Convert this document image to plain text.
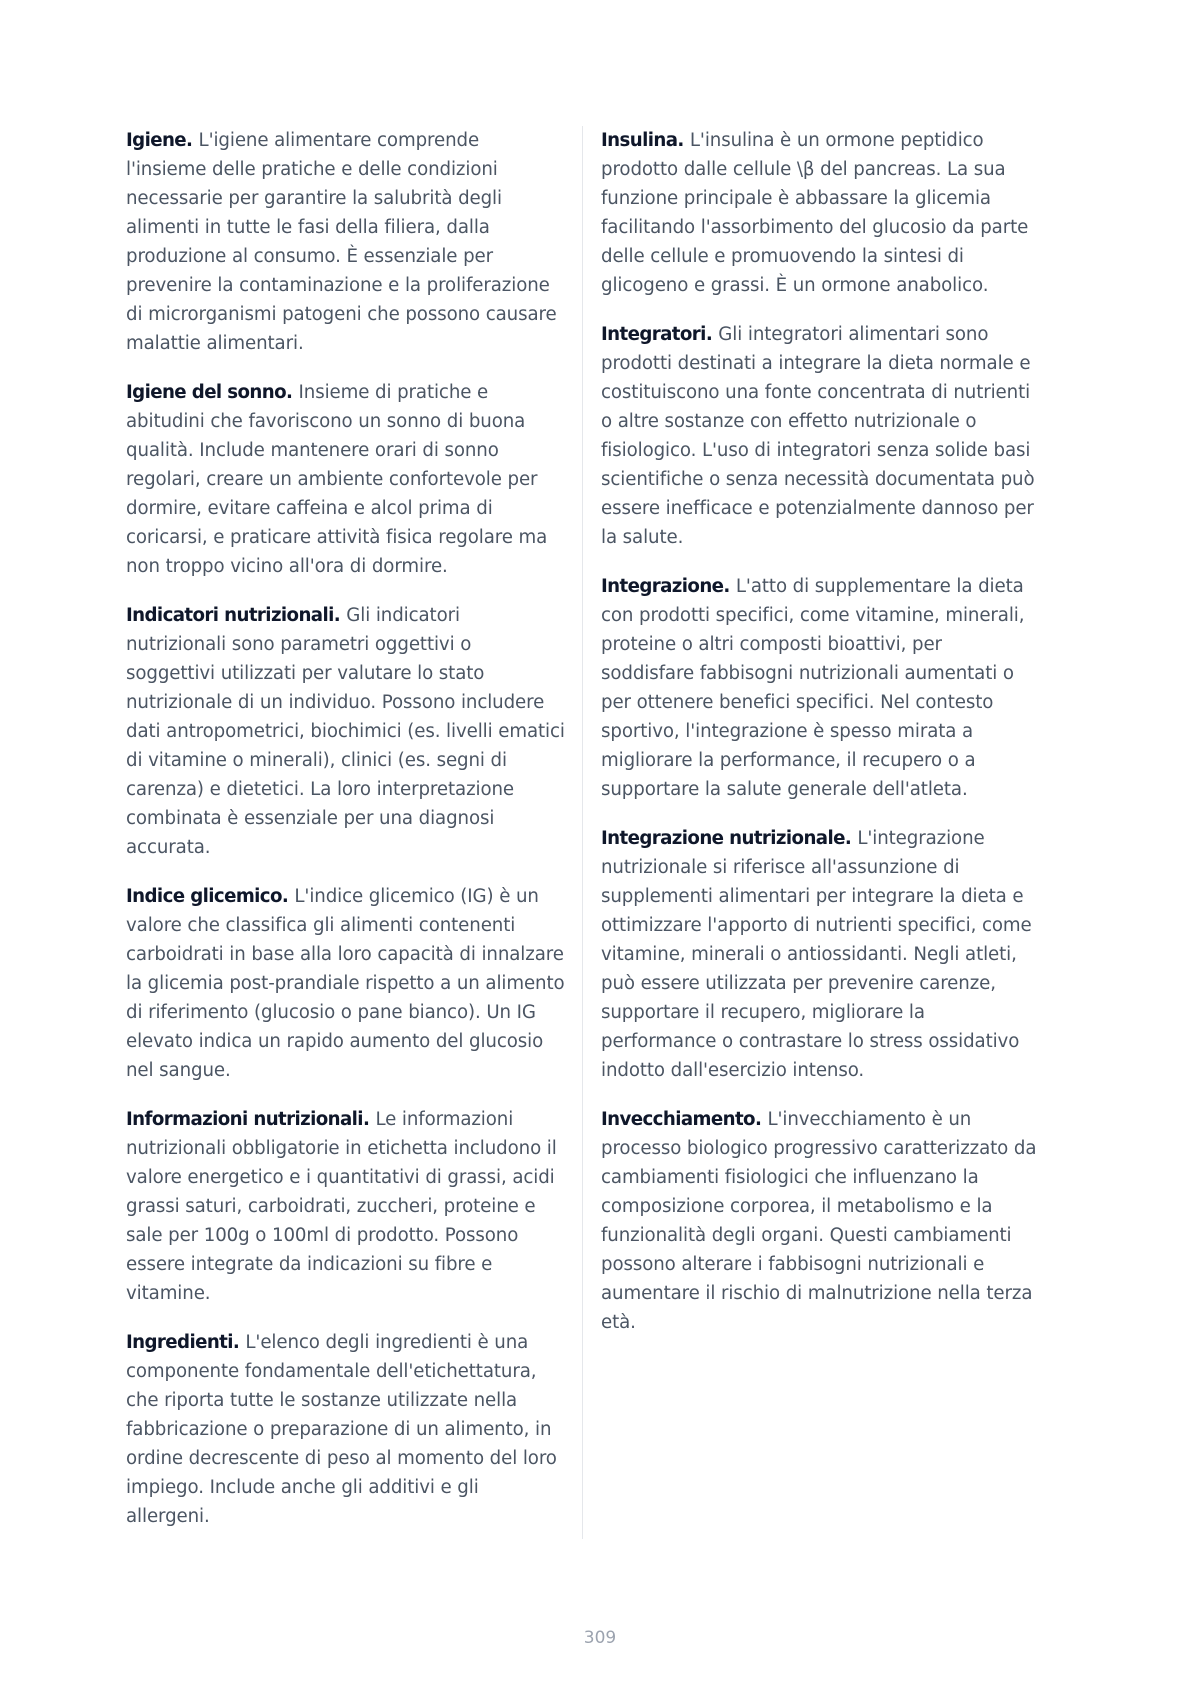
Igiene. L'igiene alimentare comprende l'insieme delle pratiche e delle condizioni necessarie per garantire la salubrità degli alimenti in tutte le fasi della filiera, dalla produzione al consumo. È essenziale per prevenire la contaminazione e la proliferazione di microrganismi patogeni che possono causare malattie alimentari.

Igiene del sonno. Insieme di pratiche e abitudini che favoriscono un sonno di buona qualità. Include mantenere orari di sonno regolari, creare un ambiente confortevole per dormire, evitare caffeina e alcol prima di coricarsi, e praticare attività fisica regolare ma non troppo vicino all'ora di dormire.

Indicatori nutrizionali. Gli indicatori nutrizionali sono parametri oggettivi o soggettivi utilizzati per valutare lo stato nutrizionale di un individuo. Possono includere dati antropometrici, biochimici (es. livelli ematici di vitamine o minerali), clinici (es. segni di carenza) e dietetici. La loro interpretazione combinata è essenziale per una diagnosi accurata.

Indice glicemico. L'indice glicemico (IG) è un valore che classifica gli alimenti contenenti carboidrati in base alla loro capacità di innalzare la glicemia post-prandiale rispetto a un alimento di riferimento (glucosio o pane bianco). Un IG elevato indica un rapido aumento del glucosio nel sangue.

Informazioni nutrizionali. Le informazioni nutrizionali obbligatorie in etichetta includono il valore energetico e i quantitativi di grassi, acidi grassi saturi, carboidrati, zuccheri, proteine e sale per 100g o 100ml di prodotto. Possono essere integrate da indicazioni su fibre e vitamine.

Ingredienti. L'elenco degli ingredienti è una componente fondamentale dell'etichettatura, che riporta tutte le sostanze utilizzate nella fabbricazione o preparazione di un alimento, in ordine decrescente di peso al momento del loro impiego. Include anche gli additivi e gli allergeni.

Insulina. L'insulina è un ormone peptidico prodotto dalle cellule \β del pancreas. La sua funzione principale è abbassare la glicemia facilitando l'assorbimento del glucosio da parte delle cellule e promuovendo la sintesi di glicogeno e grassi. È un ormone anabolico.

Integratori. Gli integratori alimentari sono prodotti destinati a integrare la dieta normale e costituiscono una fonte concentrata di nutrienti o altre sostanze con effetto nutrizionale o fisiologico. L'uso di integratori senza solide basi scientifiche o senza necessità documentata può essere inefficace e potenzialmente dannoso per la salute.

Integrazione. L'atto di supplementare la dieta con prodotti specifici, come vitamine, minerali, proteine o altri composti bioattivi, per soddisfare fabbisogni nutrizionali aumentati o per ottenere benefici specifici. Nel contesto sportivo, l'integrazione è spesso mirata a migliorare la performance, il recupero o a supportare la salute generale dell'atleta.

Integrazione nutrizionale. L'integrazione nutrizionale si riferisce all'assunzione di supplementi alimentari per integrare la dieta e ottimizzare l'apporto di nutrienti specifici, come vitamine, minerali o antiossidanti. Negli atleti, può essere utilizzata per prevenire carenze, supportare il recupero, migliorare la performance o contrastare lo stress ossidativo indotto dall'esercizio intenso.

Invecchiamento. L'invecchiamento è un processo biologico progressivo caratterizzato da cambiamenti fisiologici che influenzano la composizione corporea, il metabolismo e la funzionalità degli organi. Questi cambiamenti possono alterare i fabbisogni nutrizionali e aumentare il rischio di malnutrizione nella terza età.

309
